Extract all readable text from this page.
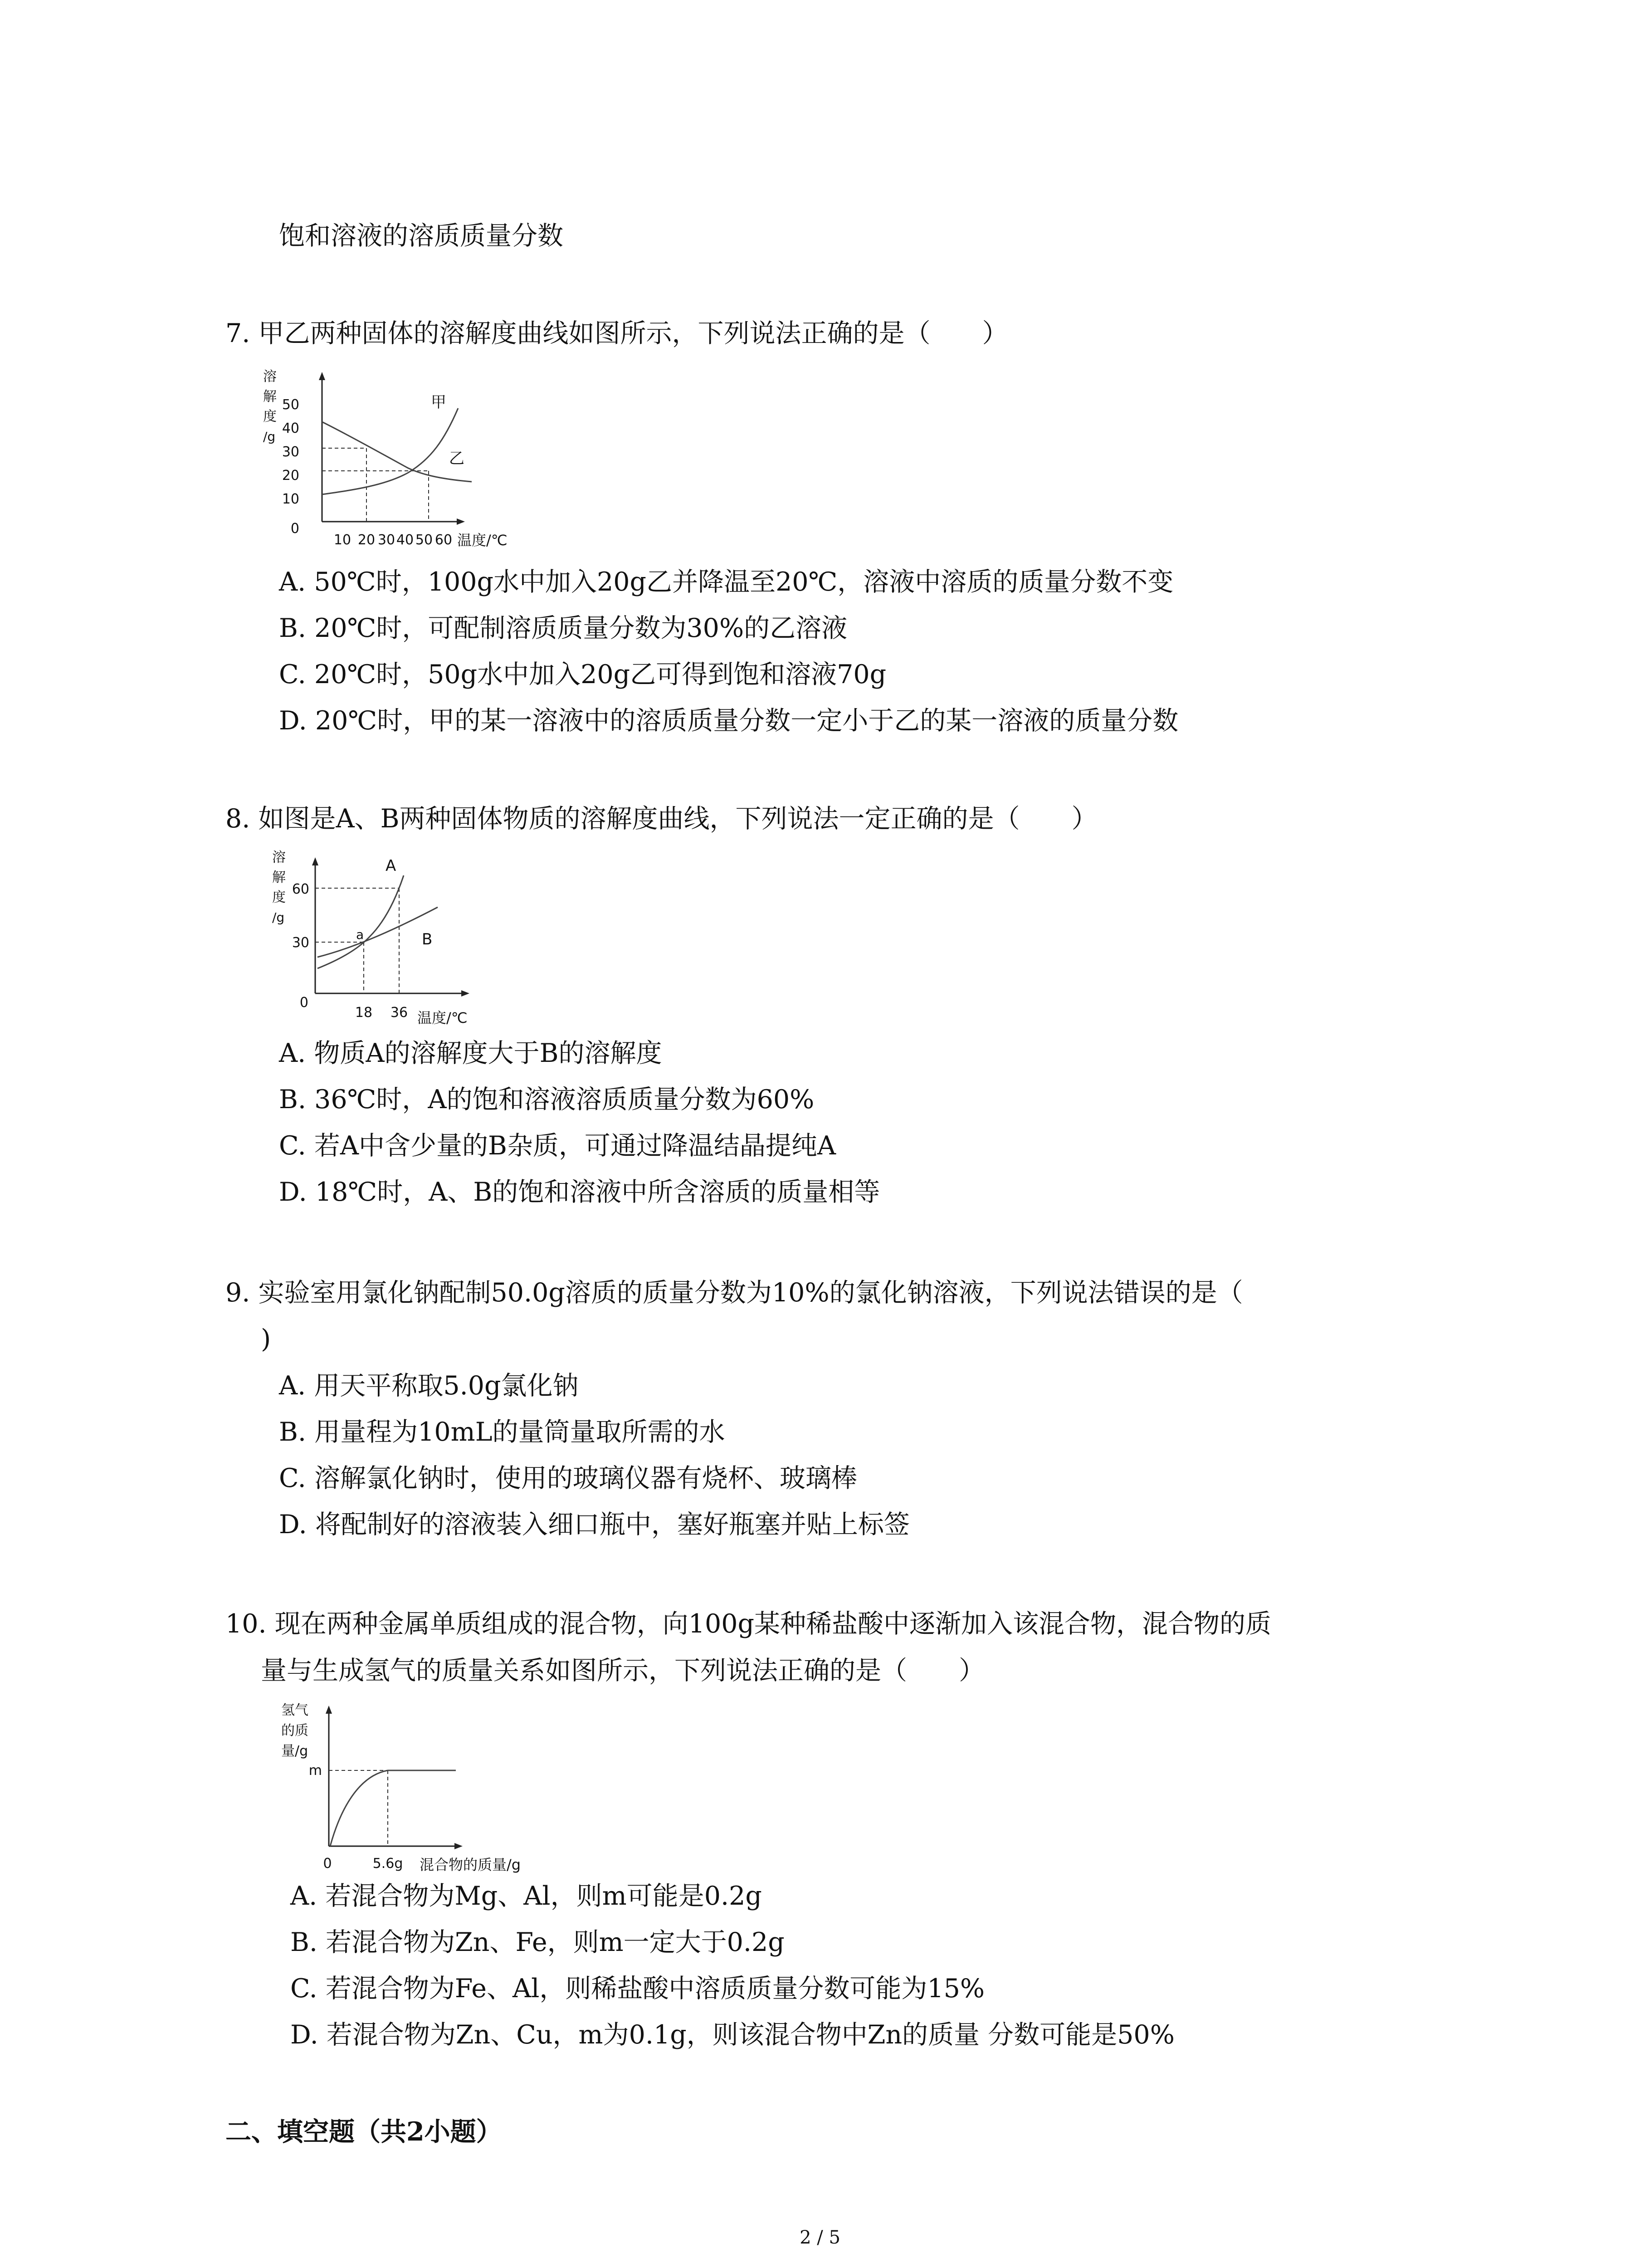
饱和溶液的溶质质量分数
7. 甲乙两种固体的溶解度曲线如图所示，下列说法正确的是（　　）
溶
解
度
/g
50
40
30
20
10
0
甲
乙
10 20 30 40 50 60 温度/℃
A. 50℃时，100g水中加入20g乙并降温至20℃，溶液中溶质的质量分数不变
B. 20℃时，可配制溶质质量分数为30%的乙溶液
C. 20℃时，50g水中加入20g乙可得到饱和溶液70g
D. 20℃时，甲的某一溶液中的溶质质量分数一定小于乙的某一溶液的质量分数
8. 如图是A、B两种固体物质的溶解度曲线，下列说法一定正确的是（　　）
溶
解
度
/g
60
30
0
A
B
a
18 36 温度/℃
A. 物质A的溶解度大于B的溶解度
B. 36℃时，A的饱和溶液溶质质量分数为60%
C. 若A中含少量的B杂质，可通过降温结晶提纯A
D. 18℃时，A、B的饱和溶液中所含溶质的质量相等
9. 实验室用氯化钠配制50.0g溶质的质量分数为10%的氯化钠溶液，下列说法错误的是（
)
A. 用天平称取5.0g氯化钠
B. 用量程为10mL的量筒量取所需的水
C. 溶解氯化钠时，使用的玻璃仪器有烧杯、玻璃棒
D. 将配制好的溶液装入细口瓶中，塞好瓶塞并贴上标签
10. 现在两种金属单质组成的混合物，向100g某种稀盐酸中逐渐加入该混合物，混合物的质
量与生成氢气的质量关系如图所示，下列说法正确的是（　　）
氢气
的质
量/g
m
0	5.6g 混合物的质量/g
A. 若混合物为Mg、Al，则m可能是0.2g
B. 若混合物为Zn、Fe，则m一定大于0.2g
C. 若混合物为Fe、Al，则稀盐酸中溶质质量分数可能为15%
D. 若混合物为Zn、Cu，m为0.1g，则该混合物中Zn的质量 分数可能是50%
二、填空题（共2小题）
2 / 5
